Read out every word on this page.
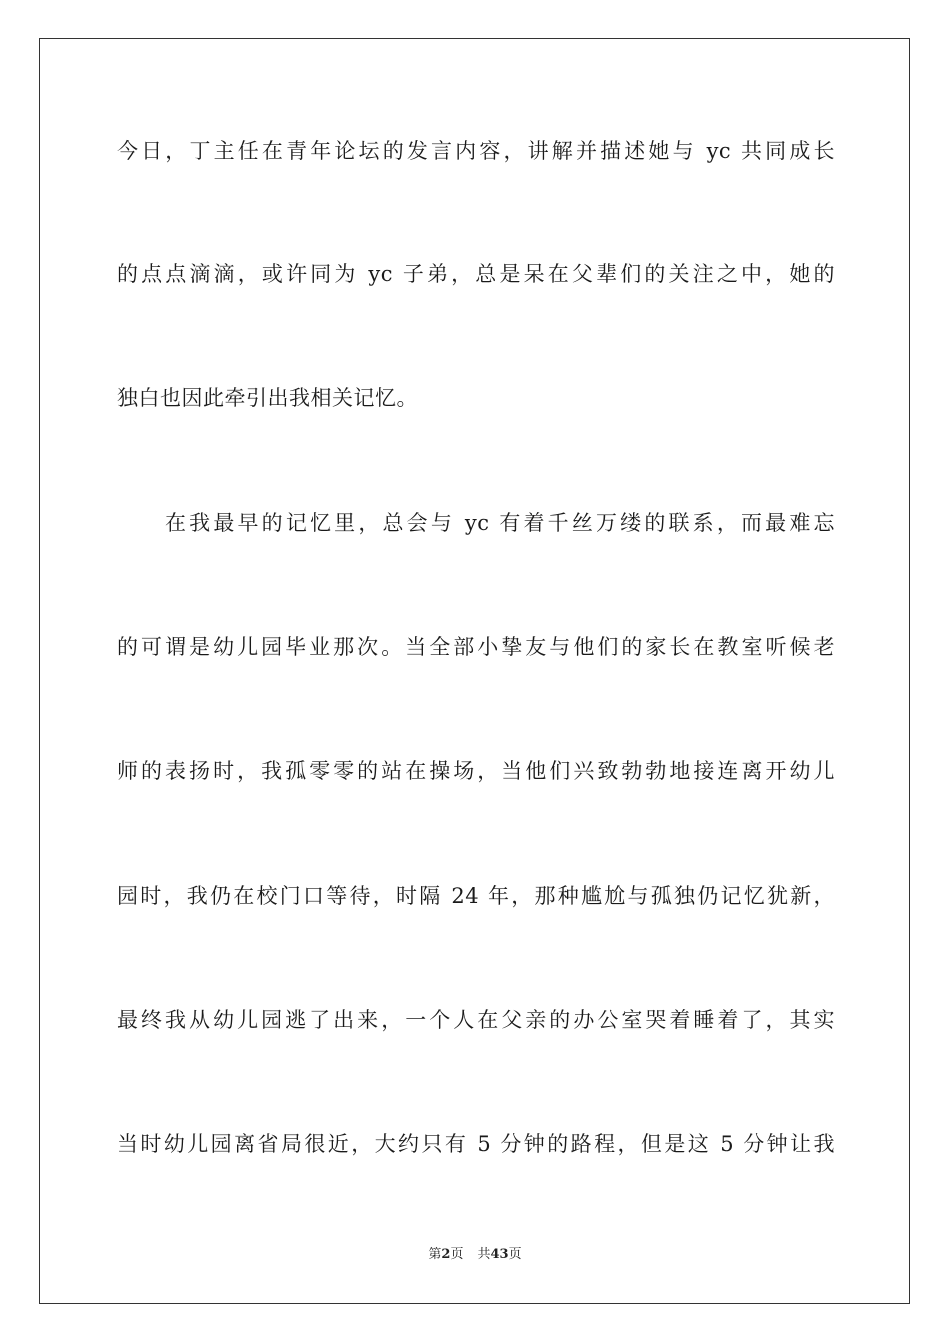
今日，丁主任在青年论坛的发言内容，讲解并描述她与 yc 共同成长
的点点滴滴，或许同为 yc 子弟，总是呆在父辈们的关注之中，她的
独白也因此牵引出我相关记忆。
在我最早的记忆里，总会与 yc 有着千丝万缕的联系，而最难忘
的可谓是幼儿园毕业那次。当全部小挚友与他们的家长在教室听候老
师的表扬时，我孤零零的站在操场，当他们兴致勃勃地接连离开幼儿
园时，我仍在校门口等待，时隔 24 年，那种尴尬与孤独仍记忆犹新，
最终我从幼儿园逃了出来，一个人在父亲的办公室哭着睡着了，其实
当时幼儿园离省局很近，大约只有 5 分钟的路程，但是这 5 分钟让我
第2页 共43页
